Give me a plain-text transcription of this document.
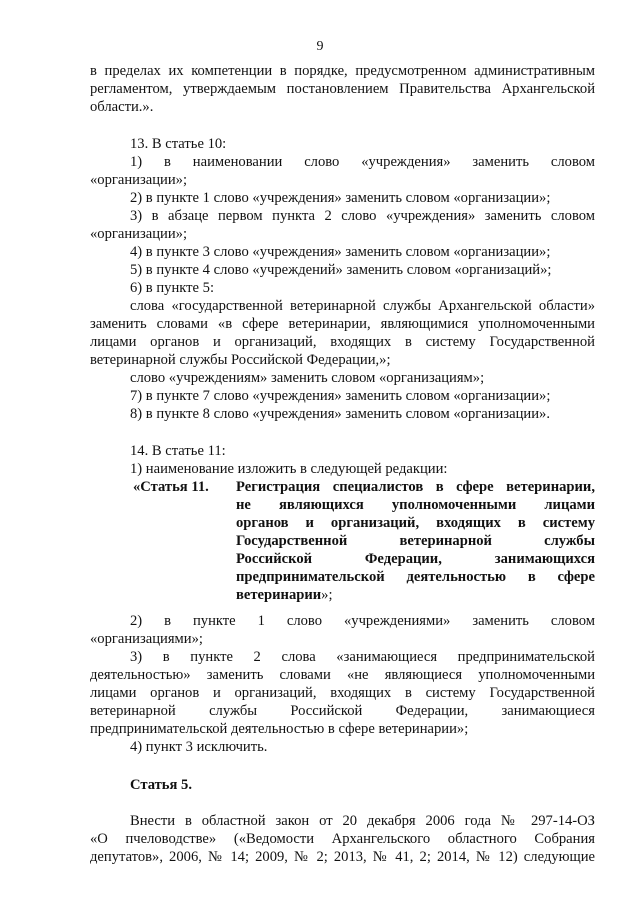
9
в пределах их компетенции в порядке, предусмотренном административным
регламентом, утверждаемым постановлением Правительства Архангельской
области.».
13. В статье 10:
1) в наименовании слово «учреждения» заменить словом
«организации»;
2) в пункте 1 слово «учреждения» заменить словом «организации»;
3) в абзаце первом пункта 2 слово «учреждения» заменить словом
«организации»;
4) в пункте 3 слово «учреждения» заменить словом «организации»;
5) в пункте 4 слово «учреждений» заменить словом «организаций»;
6) в пункте 5:
слова «государственной ветеринарной службы Архангельской области»
заменить словами «в сфере ветеринарии, являющимися уполномоченными
лицами органов и организаций, входящих в систему Государственной
ветеринарной службы Российской Федерации,»;
слово «учреждениям» заменить словом «организациям»;
7) в пункте 7 слово «учреждения» заменить словом «организации»;
8) в пункте 8 слово «учреждения» заменить словом «организации».
14. В статье 11:
1) наименование изложить в следующей редакции:
«Статья 11. Регистрация специалистов в сфере ветеринарии,
не являющихся уполномоченными лицами
органов и организаций, входящих в систему
Государственной ветеринарной службы
Российской Федерации, занимающихся
предпринимательской деятельностью в сфере
ветеринарии»;
2) в пункте 1 слово «учреждениями» заменить словом
«организациями»;
3) в пункте 2 слова «занимающиеся предпринимательской
деятельностью» заменить словами «не являющиеся уполномоченными
лицами органов и организаций, входящих в систему Государственной
ветеринарной службы Российской Федерации, занимающиеся
предпринимательской деятельностью в сфере ветеринарии»;
4) пункт 3 исключить.
Статья 5.
Внести в областной закон от 20 декабря 2006 года № 297-14-ОЗ
«О пчеловодстве» («Ведомости Архангельского областного Собрания
депутатов», 2006, № 14; 2009, № 2; 2013, № 41, 2; 2014, № 12) следующие
